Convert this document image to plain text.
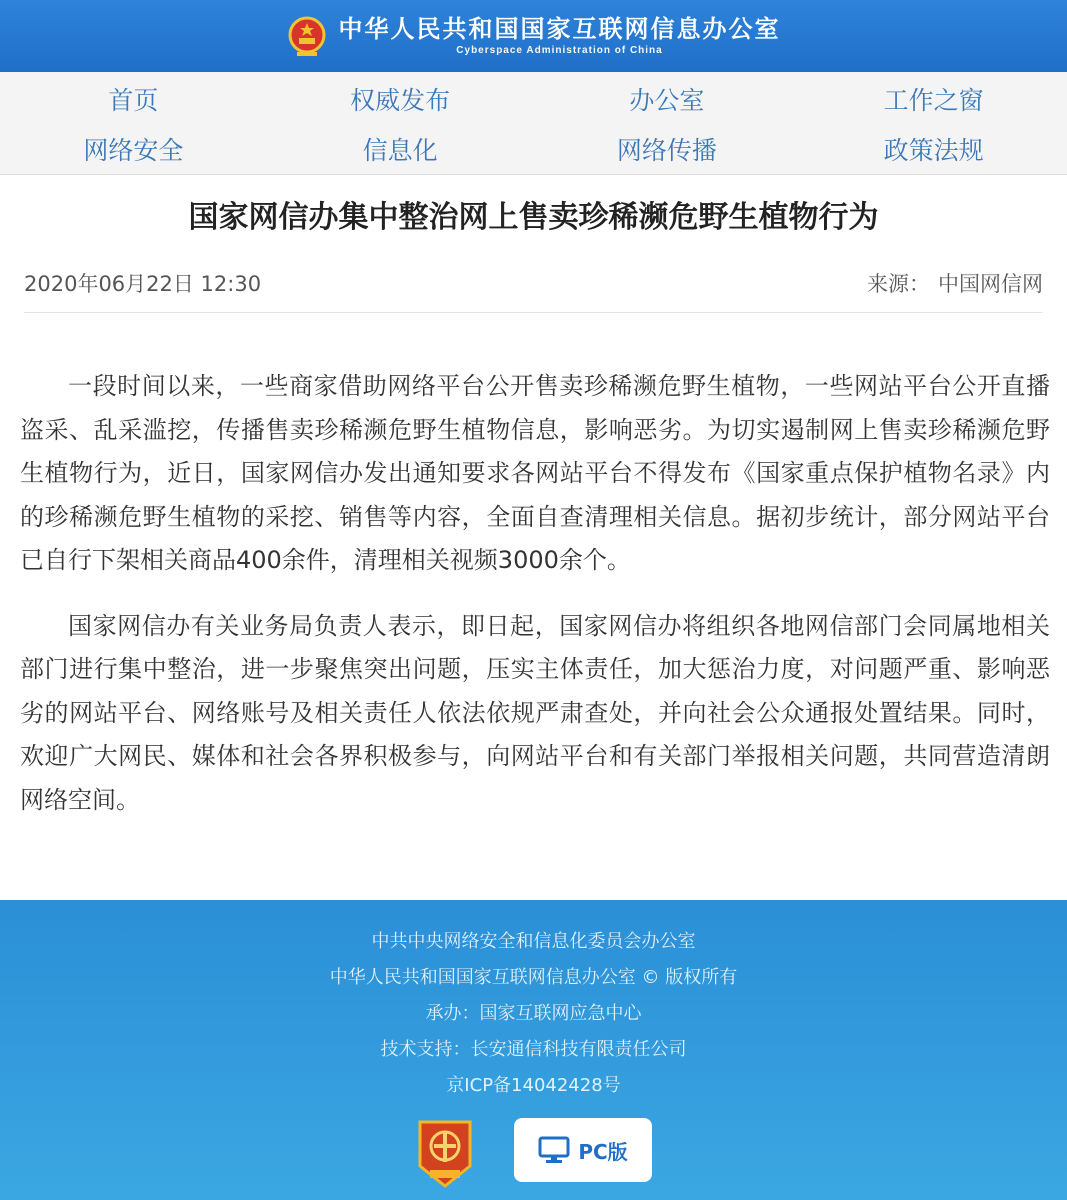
中华人民共和国国家互联网信息办公室
Cyberspace Administration of China
首页	权威发布	办公室	工作之窗
网络安全	信息化	网络传播	政策法规
国家网信办集中整治网上售卖珍稀濒危野生植物行为
2020年06月22日 12:30	来源： 中国网信网

一段时间以来，一些商家借助网络平台公开售卖珍稀濒危野生植物，一些网站平台公开直播盗采、乱采滥挖，传播售卖珍稀濒危野生植物信息，影响恶劣。为切实遏制网上售卖珍稀濒危野生植物行为，近日，国家网信办发出通知要求各网站平台不得发布《国家重点保护植物名录》内的珍稀濒危野生植物的采挖、销售等内容，全面自查清理相关信息。据初步统计，部分网站平台已自行下架相关商品400余件，清理相关视频3000余个。

国家网信办有关业务局负责人表示，即日起，国家网信办将组织各地网信部门会同属地相关部门进行集中整治，进一步聚焦突出问题，压实主体责任，加大惩治力度，对问题严重、影响恶劣的网站平台、网络账号及相关责任人依法依规严肃查处，并向社会公众通报处置结果。同时，欢迎广大网民、媒体和社会各界积极参与，向网站平台和有关部门举报相关问题，共同营造清朗网络空间。

中共中央网络安全和信息化委员会办公室
中华人民共和国国家互联网信息办公室 © 版权所有
承办：国家互联网应急中心
技术支持：长安通信科技有限责任公司
京ICP备14042428号
PC版
